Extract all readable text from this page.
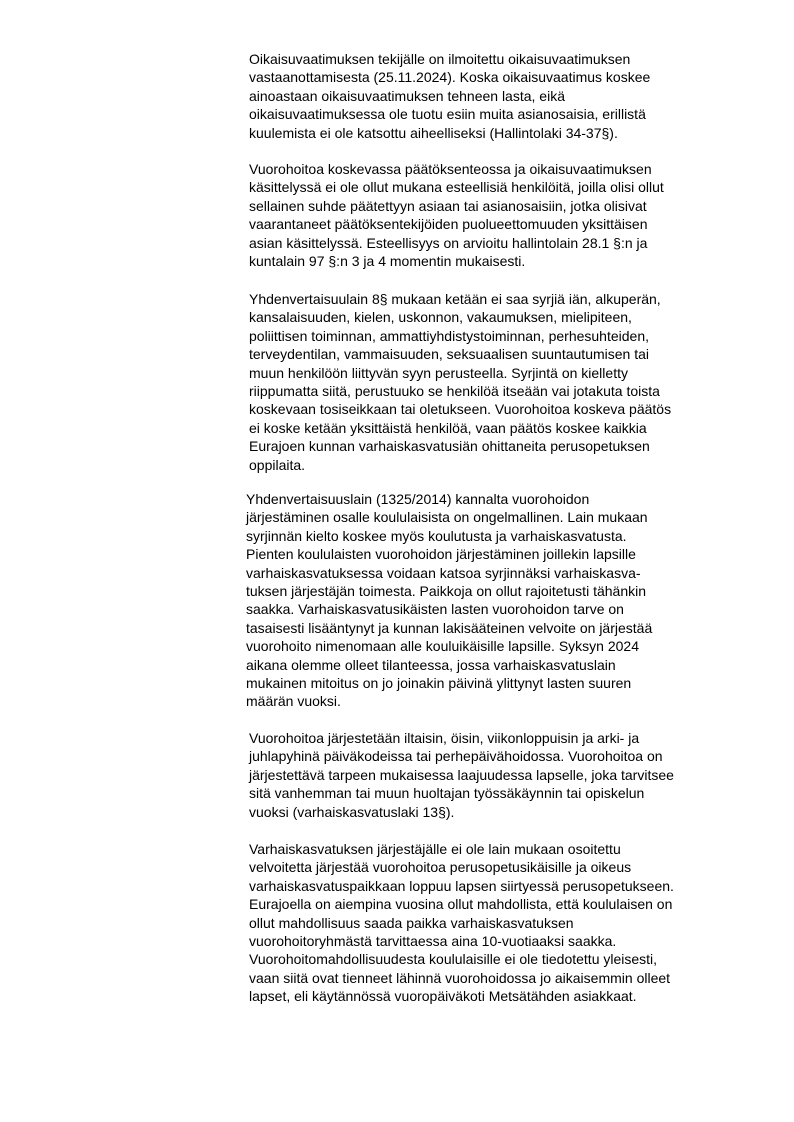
Oikaisuvaatimuksen tekijälle on ilmoitettu oikaisuvaatimuksen
vastaanottamisesta (25.11.2024). Koska oikaisuvaatimus koskee
ainoastaan oikaisuvaatimuksen tehneen lasta, eikä
oikaisuvaatimuksessa ole tuotu esiin muita asianosaisia, erillistä
kuulemista ei ole katsottu aiheelliseksi (Hallintolaki 34-37§).
Vuorohoitoa koskevassa päätöksenteossa ja oikaisuvaatimuksen
käsittelyssä ei ole ollut mukana esteellisiä henkilöitä, joilla olisi ollut
sellainen suhde päätettyyn asiaan tai asianosaisiin, jotka olisivat
vaarantaneet päätöksentekijöiden puolueettomuuden yksittäisen
asian käsittelyssä. Esteellisyys on arvioitu hallintolain 28.1 §:n ja
kuntalain 97 §:n 3 ja 4 momentin mukaisesti.
Yhdenvertaisuulain 8§ mukaan ketään ei saa syrjiä iän, alkuperän,
kansalaisuuden, kielen, uskonnon, vakaumuksen, mielipiteen,
poliittisen toiminnan, ammattiyhdistystoiminnan, perhesuhteiden,
terveydentilan, vammaisuuden, seksuaalisen suuntautumisen tai
muun henkilöön liittyvän syyn perusteella. Syrjintä on kielletty
riippumatta siitä, perustuuko se henkilöä itseään vai jotakuta toista
koskevaan tosiseikkaan tai oletukseen. Vuorohoitoa koskeva päätös
ei koske ketään yksittäistä henkilöä, vaan päätös koskee kaikkia
Eurajoen kunnan varhaiskasvatusiän ohittaneita perusopetuksen
oppilaita.
Yhdenvertaisuuslain (1325/2014) kannalta vuorohoidon
järjestäminen osalle koululaisista on ongelmallinen. Lain mukaan
syrjinnän kielto koskee myös koulutusta ja varhaiskasvatusta.
Pienten koululaisten vuorohoidon järjestäminen joillekin lapsille
varhaiskasvatuksessa voidaan katsoa syrjinnäksi varhaiskasva-
tuksen järjestäjän toimesta. Paikkoja on ollut rajoitetusti tähänkin
saakka. Varhaiskasvatusikäisten lasten vuorohoidon tarve on
tasaisesti lisääntynyt ja kunnan lakisääteinen velvoite on järjestää
vuorohoito nimenomaan alle kouluikäisille lapsille. Syksyn 2024
aikana olemme olleet tilanteessa, jossa varhaiskasvatuslain
mukainen mitoitus on jo joinakin päivinä ylittynyt lasten suuren
määrän vuoksi.
Vuorohoitoa järjestetään iltaisin, öisin, viikonloppuisin ja arki- ja
juhlapyhinä päiväkodeissa tai perhepäivähoidossa. Vuorohoitoa on
järjestettävä tarpeen mukaisessa laajuudessa lapselle, joka tarvitsee
sitä vanhemman tai muun huoltajan työssäkäynnin tai opiskelun
vuoksi (varhaiskasvatuslaki 13§).
Varhaiskasvatuksen järjestäjälle ei ole lain mukaan osoitettu
velvoitetta järjestää vuorohoitoa perusopetusikäisille ja oikeus
varhaiskasvatuspaikkaan loppuu lapsen siirtyessä perusopetukseen.
Eurajoella on aiempina vuosina ollut mahdollista, että koululaisen on
ollut mahdollisuus saada paikka varhaiskasvatuksen
vuorohoitoryhmästä tarvittaessa aina 10-vuotiaaksi saakka.
Vuorohoitomahdollisuudesta koululaisille ei ole tiedotettu yleisesti,
vaan siitä ovat tienneet lähinnä vuorohoidossa jo aikaisemmin olleet
lapset, eli käytännössä vuoropäiväkoti Metsätähden asiakkaat.
